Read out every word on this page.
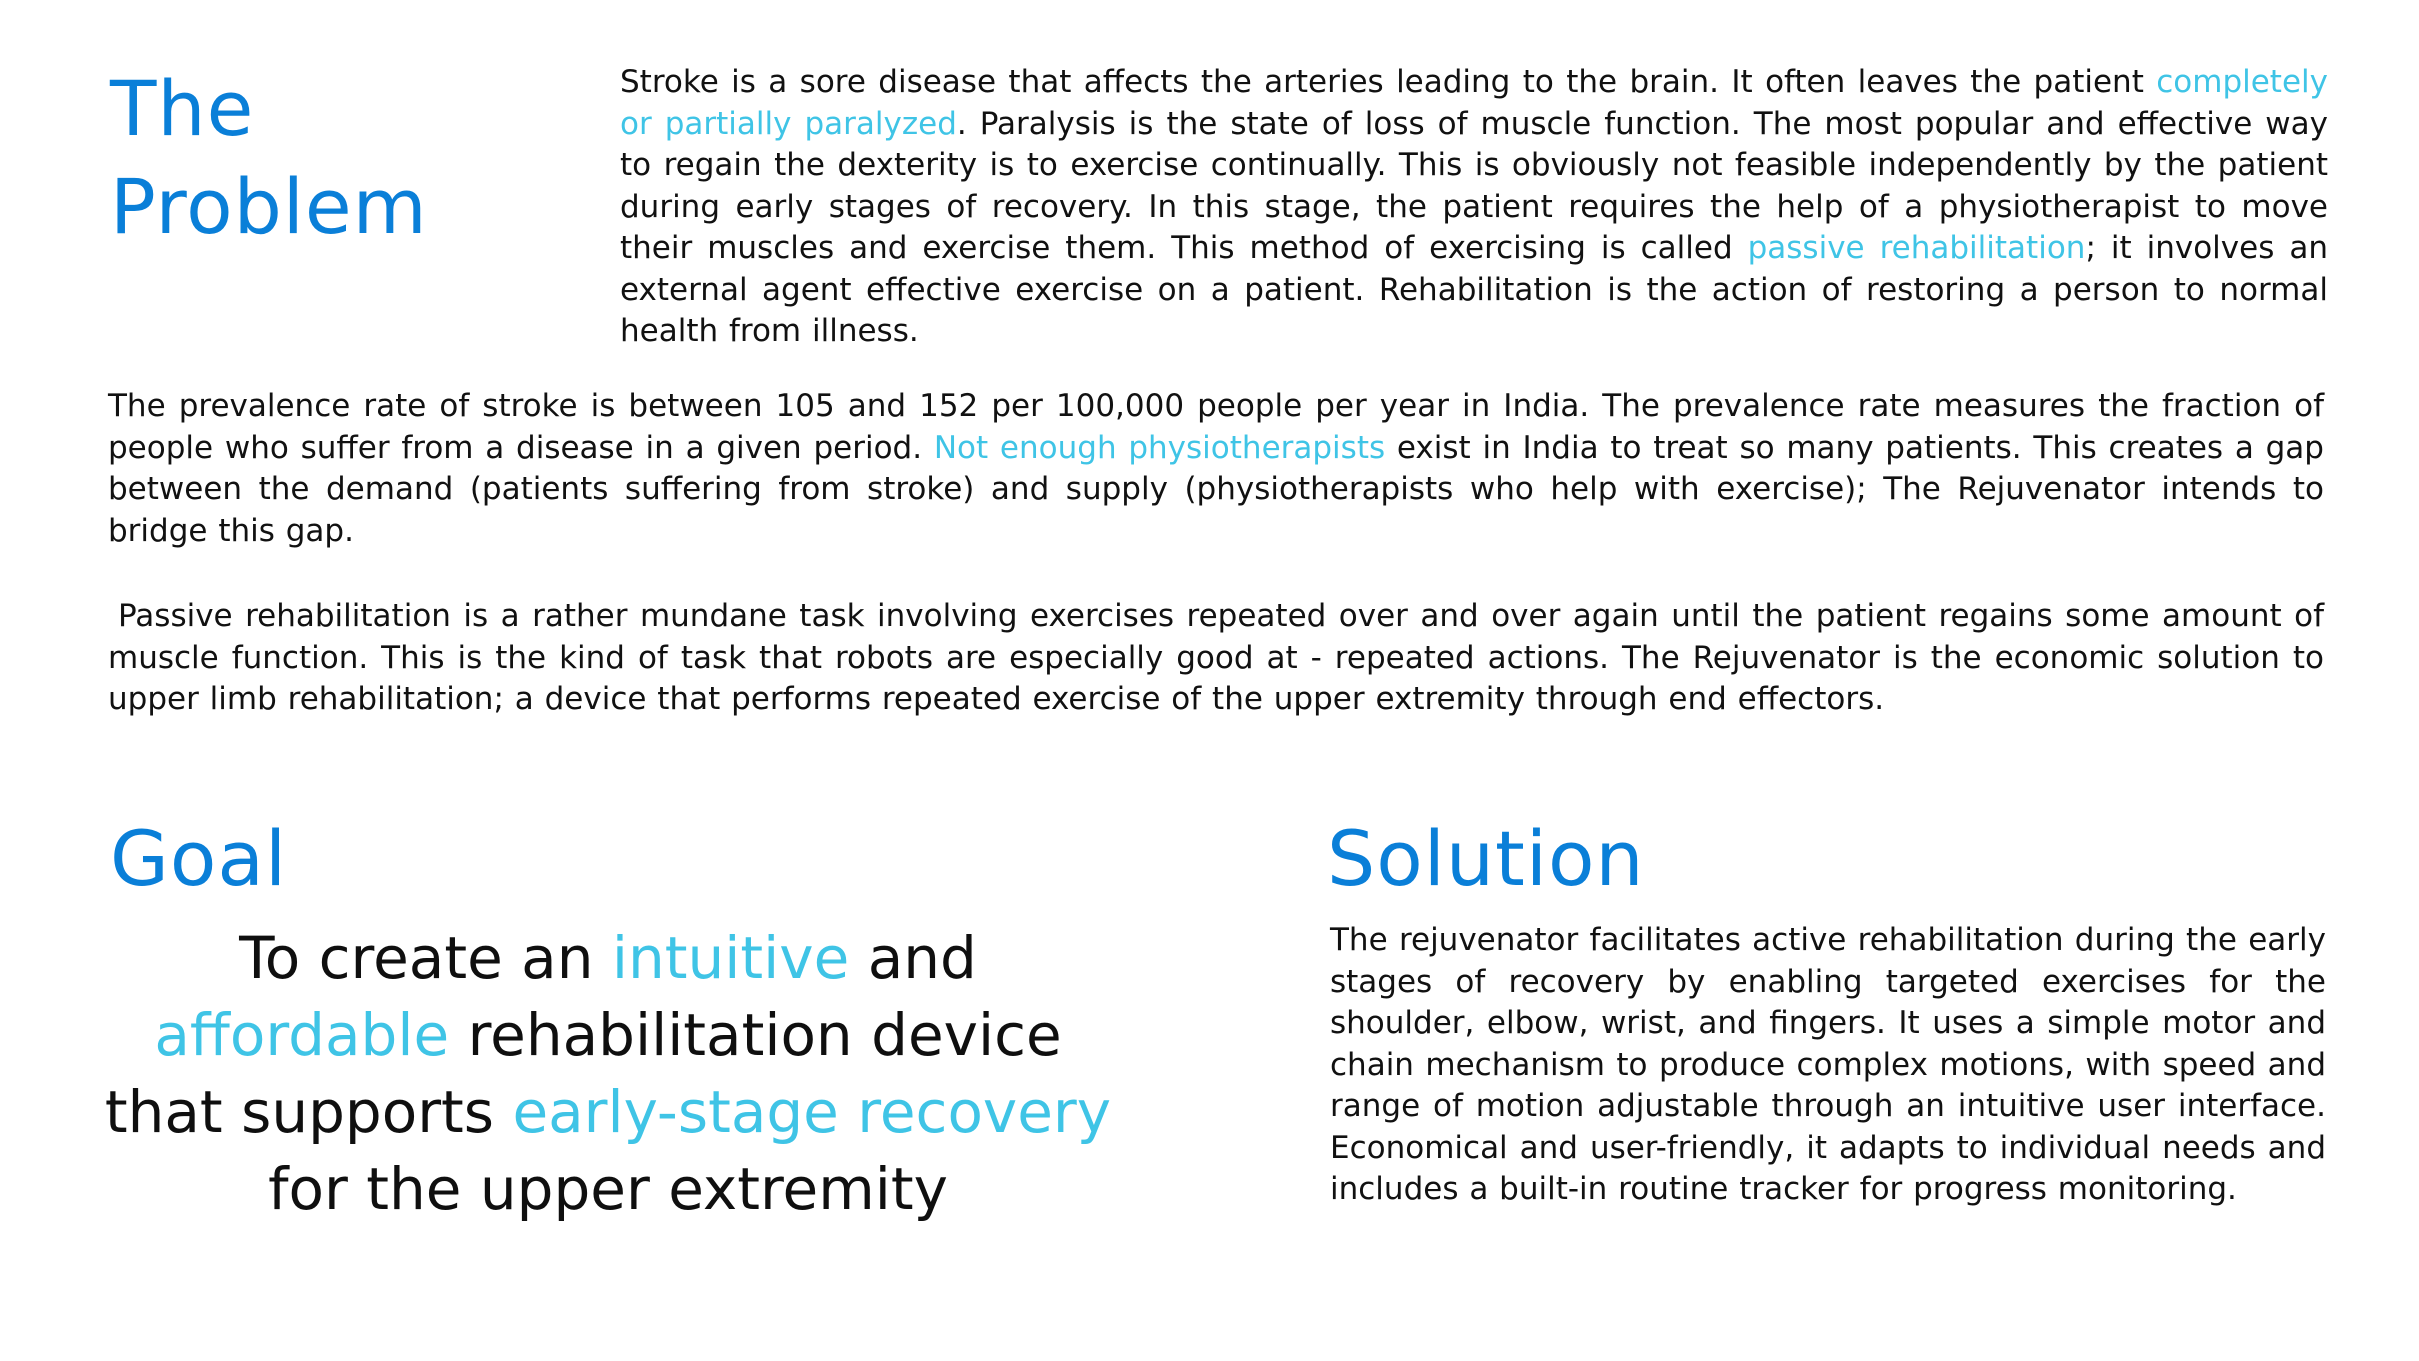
The
Problem

Stroke is a sore disease that affects the arteries leading to the brain. It often leaves the patient completely or partially paralyzed. Paralysis is the state of loss of muscle function. The most popular and effective way to regain the dexterity is to exercise continually. This is obviously not feasible independently by the patient during early stages of recovery. In this stage, the patient requires the help of a physiotherapist to move their muscles and exercise them. This method of exercising is called passive rehabilitation; it involves an external agent effective exercise on a patient. Rehabilitation is the action of restoring a person to normal health from illness.

The prevalence rate of stroke is between 105 and 152 per 100,000 people per year in India. The prevalence rate measures the fraction of people who suffer from a disease in a given period. Not enough physiotherapists exist in India to treat so many patients. This creates a gap between the demand (patients suffering from stroke) and supply (physiotherapists who help with exercise); The Rejuvenator intends to bridge this gap.

Passive rehabilitation is a rather mundane task involving exercises repeated over and over again until the patient regains some amount of muscle function. This is the kind of task that robots are especially good at - repeated actions. The Rejuvenator is the economic solution to upper limb rehabilitation; a device that performs repeated exercise of the upper extremity through end effectors.

Goal

To create an intuitive and affordable rehabilitation device that supports early-stage recovery for the upper extremity

Solution

The rejuvenator facilitates active rehabilitation during the early stages of recovery by enabling targeted exercises for the shoulder, elbow, wrist, and fingers. It uses a simple motor and chain mechanism to produce complex motions, with speed and range of motion adjustable through an intuitive user interface. Economical and user-friendly, it adapts to individual needs and includes a built-in routine tracker for progress monitoring.
